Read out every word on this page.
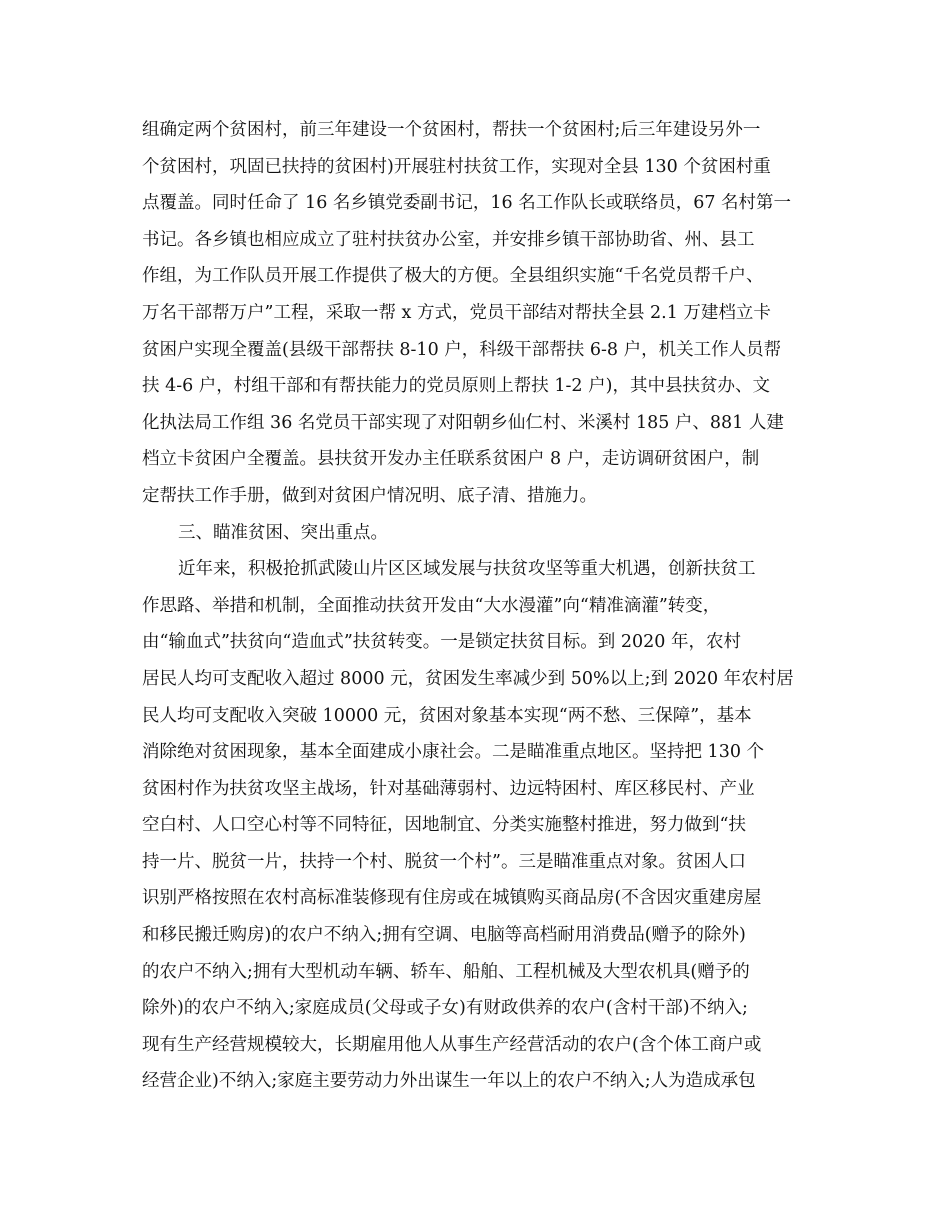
组确定两个贫困村，前三年建设一个贫困村，帮扶一个贫困村;后三年建设另外一
个贫困村，巩固已扶持的贫困村)开展驻村扶贫工作，实现对全县 130 个贫困村重
点覆盖。同时任命了 16 名乡镇党委副书记，16 名工作队长或联络员，67 名村第一
书记。各乡镇也相应成立了驻村扶贫办公室，并安排乡镇干部协助省、州、县工
作组，为工作队员开展工作提供了极大的方便。全县组织实施“千名党员帮千户、
万名干部帮万户”工程，采取一帮 x 方式，党员干部结对帮扶全县 2.1 万建档立卡
贫困户实现全覆盖(县级干部帮扶 8-10 户，科级干部帮扶 6-8 户，机关工作人员帮
扶 4-6 户，村组干部和有帮扶能力的党员原则上帮扶 1-2 户)，其中县扶贫办、文
化执法局工作组 36 名党员干部实现了对阳朝乡仙仁村、米溪村 185 户、881 人建
档立卡贫困户全覆盖。县扶贫开发办主任联系贫困户 8 户，走访调研贫困户，制
定帮扶工作手册，做到对贫困户情况明、底子清、措施力。
三、瞄准贫困、突出重点。
近年来，积极抢抓武陵山片区区域发展与扶贫攻坚等重大机遇，创新扶贫工
作思路、举措和机制，全面推动扶贫开发由“大水漫灌”向“精准滴灌”转变，
由“输血式”扶贫向“造血式”扶贫转变。一是锁定扶贫目标。到 2020 年，农村
居民人均可支配收入超过 8000 元，贫困发生率减少到 50%以上;到 2020 年农村居
民人均可支配收入突破 10000 元，贫困对象基本实现“两不愁、三保障”，基本
消除绝对贫困现象，基本全面建成小康社会。二是瞄准重点地区。坚持把 130 个
贫困村作为扶贫攻坚主战场，针对基础薄弱村、边远特困村、库区移民村、产业
空白村、人口空心村等不同特征，因地制宜、分类实施整村推进，努力做到“扶
持一片、脱贫一片，扶持一个村、脱贫一个村”。三是瞄准重点对象。贫困人口
识别严格按照在农村高标准装修现有住房或在城镇购买商品房(不含因灾重建房屋
和移民搬迁购房)的农户不纳入;拥有空调、电脑等高档耐用消费品(赠予的除外)
的农户不纳入;拥有大型机动车辆、轿车、船舶、工程机械及大型农机具(赠予的
除外)的农户不纳入;家庭成员(父母或子女)有财政供养的农户(含村干部)不纳入;
现有生产经营规模较大，长期雇用他人从事生产经营活动的农户(含个体工商户或
经营企业)不纳入;家庭主要劳动力外出谋生一年以上的农户不纳入;人为造成承包
